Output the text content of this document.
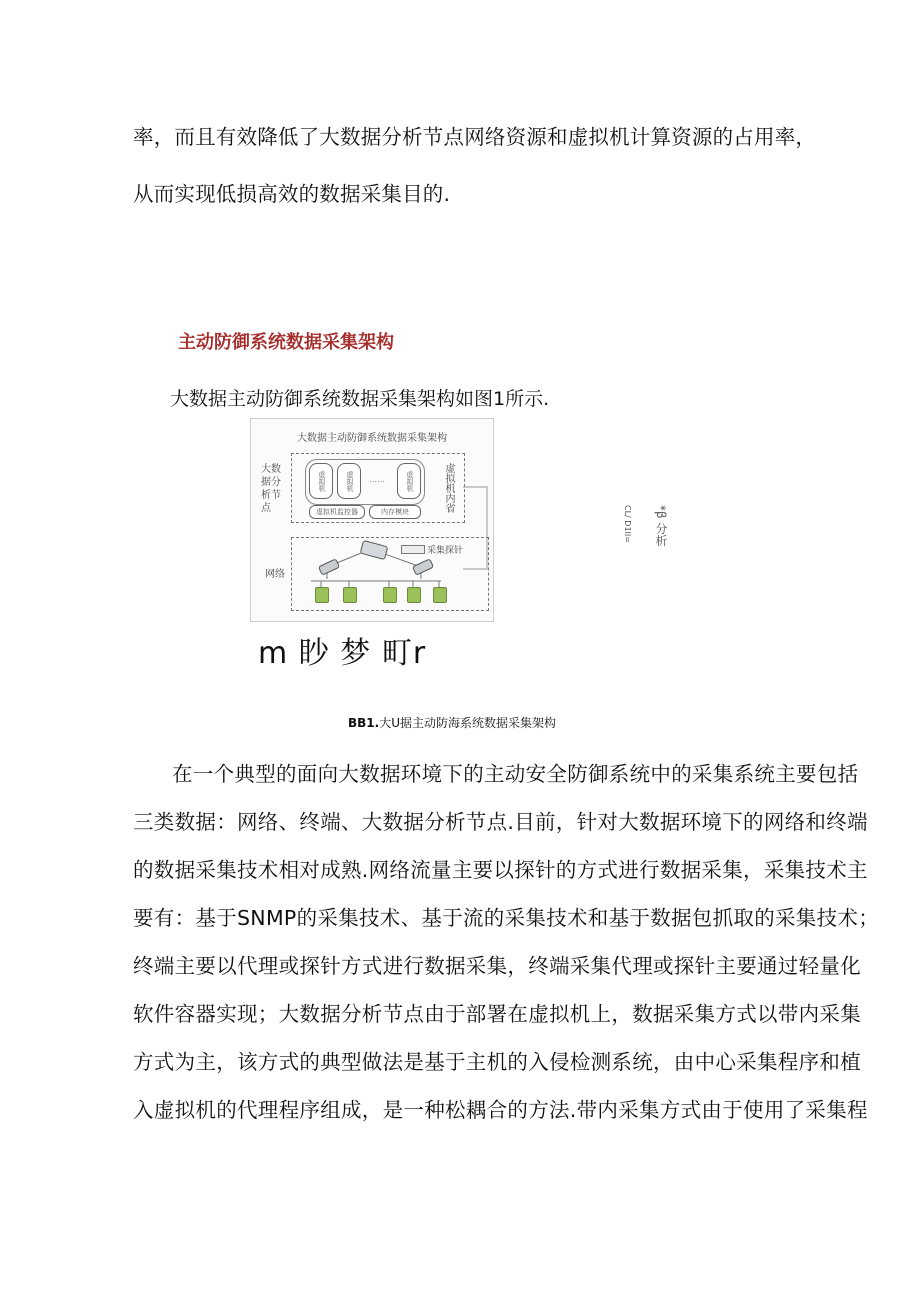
率，而且有效降低了大数据分析节点网络资源和虚拟机计算资源的占用率，
从而实现低损高效的数据采集目的.
主动防御系统数据采集架构
大数据主动防御系统数据采集架构如图1所示.
大数据主动防御系统数据采集架构
大数据分析节点
虚拟机	虚拟机	……	虚拟机
虚拟机监控器	内存模块	虚拟机内省
网络
采集探针
CL/ D1II= *β 分析
m 眇 梦 町r
BB1.大U据主动防海系统数据采集架构
在一个典型的面向大数据环境下的主动安全防御系统中的采集系统主要包括
三类数据：网络、终端、大数据分析节点.目前，针对大数据环境下的网络和终端
的数据采集技术相对成熟.网络流量主要以探针的方式进行数据采集，采集技术主
要有：基于SNMP的采集技术、基于流的采集技术和基于数据包抓取的采集技术；
终端主要以代理或探针方式进行数据采集，终端采集代理或探针主要通过轻量化
软件容器实现；大数据分析节点由于部署在虚拟机上，数据采集方式以带内采集
方式为主，该方式的典型做法是基于主机的入侵检测系统，由中心采集程序和植
入虚拟机的代理程序组成，是一种松耦合的方法.带内采集方式由于使用了采集程
